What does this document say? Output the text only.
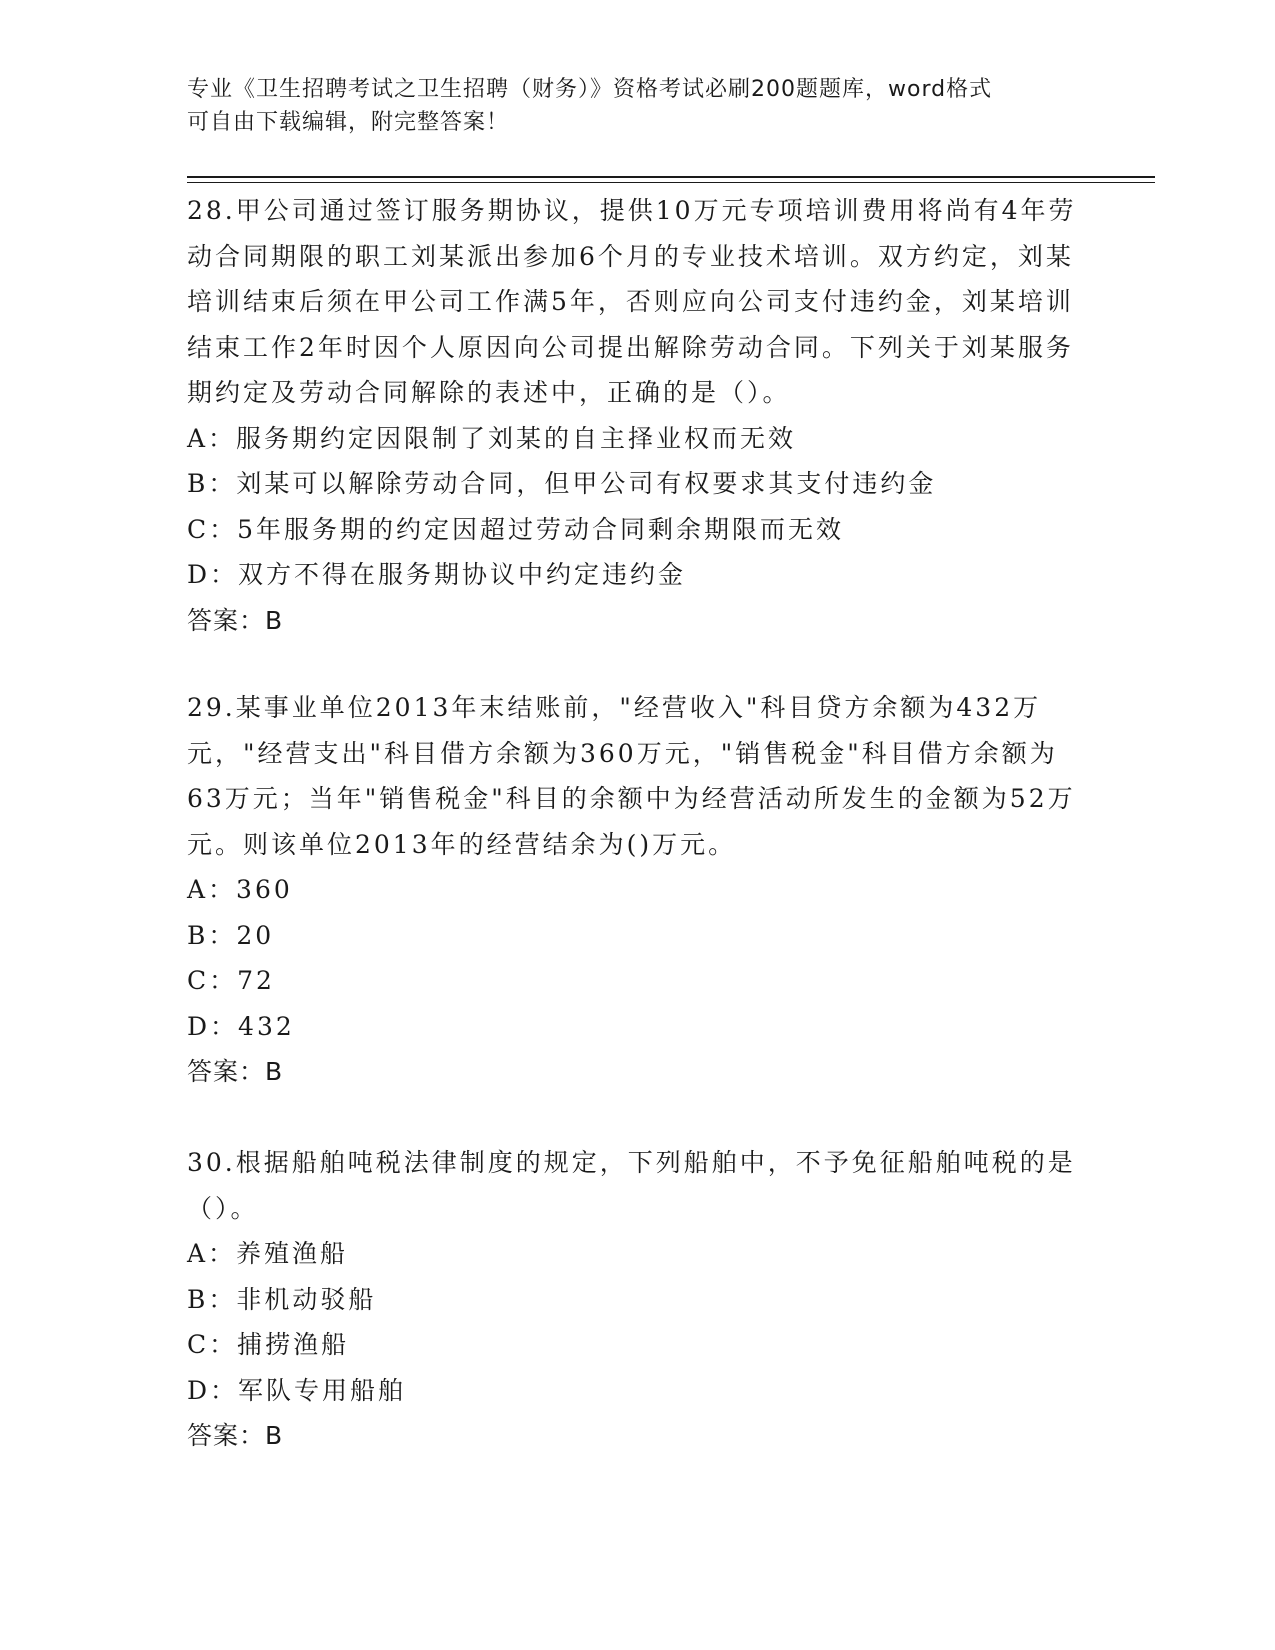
专业《卫生招聘考试之卫生招聘（财务）》资格考试必刷200题题库，word格式
可自由下载编辑，附完整答案！

28.甲公司通过签订服务期协议，提供10万元专项培训费用将尚有4年劳动合同期限的职工刘某派出参加6个月的专业技术培训。双方约定，刘某培训结束后须在甲公司工作满5年，否则应向公司支付违约金，刘某培训结束工作2年时因个人原因向公司提出解除劳动合同。下列关于刘某服务期约定及劳动合同解除的表述中，正确的是（）。

A：服务期约定因限制了刘某的自主择业权而无效

B：刘某可以解除劳动合同，但甲公司有权要求其支付违约金

C：5年服务期的约定因超过劳动合同剩余期限而无效

D：双方不得在服务期协议中约定违约金

答案：B

29.某事业单位2013年末结账前，"经营收入"科目贷方余额为432万元，"经营支出"科目借方余额为360万元，"销售税金"科目借方余额为63万元；当年"销售税金"科目的余额中为经营活动所发生的金额为52万元。则该单位2013年的经营结余为()万元。

A：360

B：20

C：72

D：432

答案：B

30.根据船舶吨税法律制度的规定，下列船舶中，不予免征船舶吨税的是（）。

A：养殖渔船

B：非机动驳船

C：捕捞渔船

D：军队专用船舶

答案：B
